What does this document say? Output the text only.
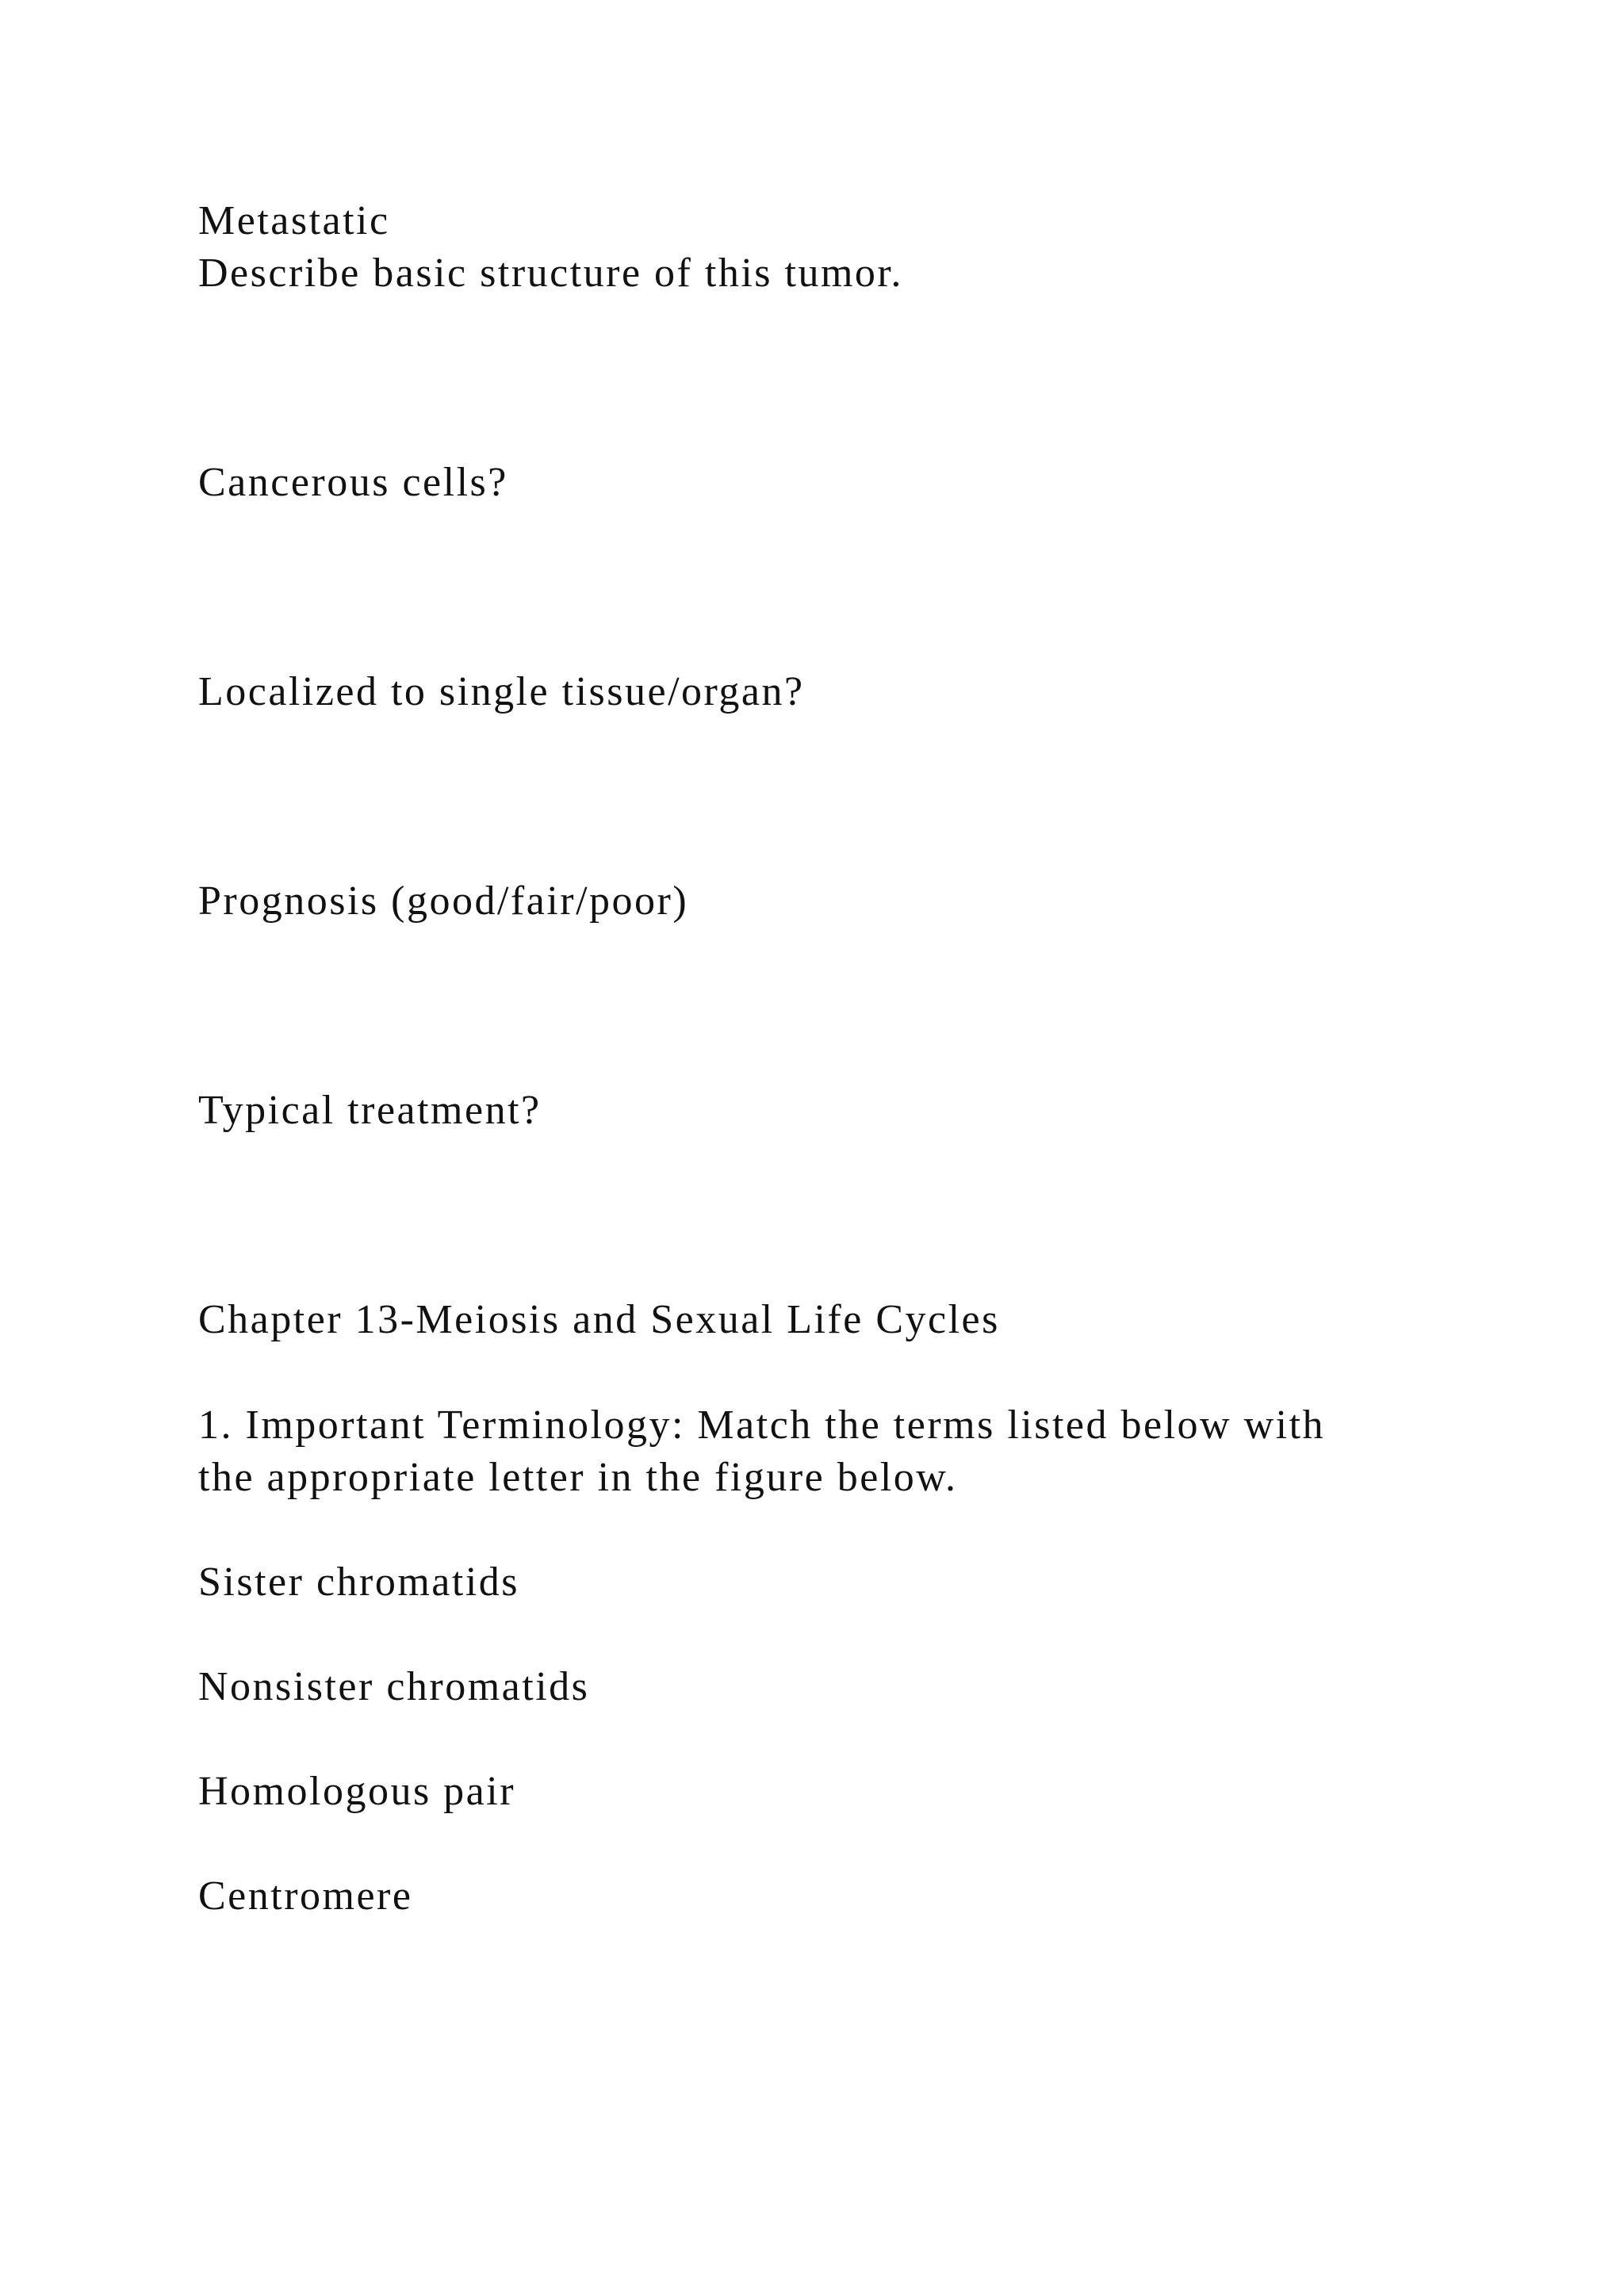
Metastatic

Describe basic structure of this tumor.

Cancerous cells?

Localized to single tissue/organ?

Prognosis (good/fair/poor)

Typical treatment?

Chapter 13-Meiosis and Sexual Life Cycles

1. Important Terminology: Match the terms listed below with

the appropriate letter in the figure below.

Sister chromatids

Nonsister chromatids

Homologous pair

Centromere
